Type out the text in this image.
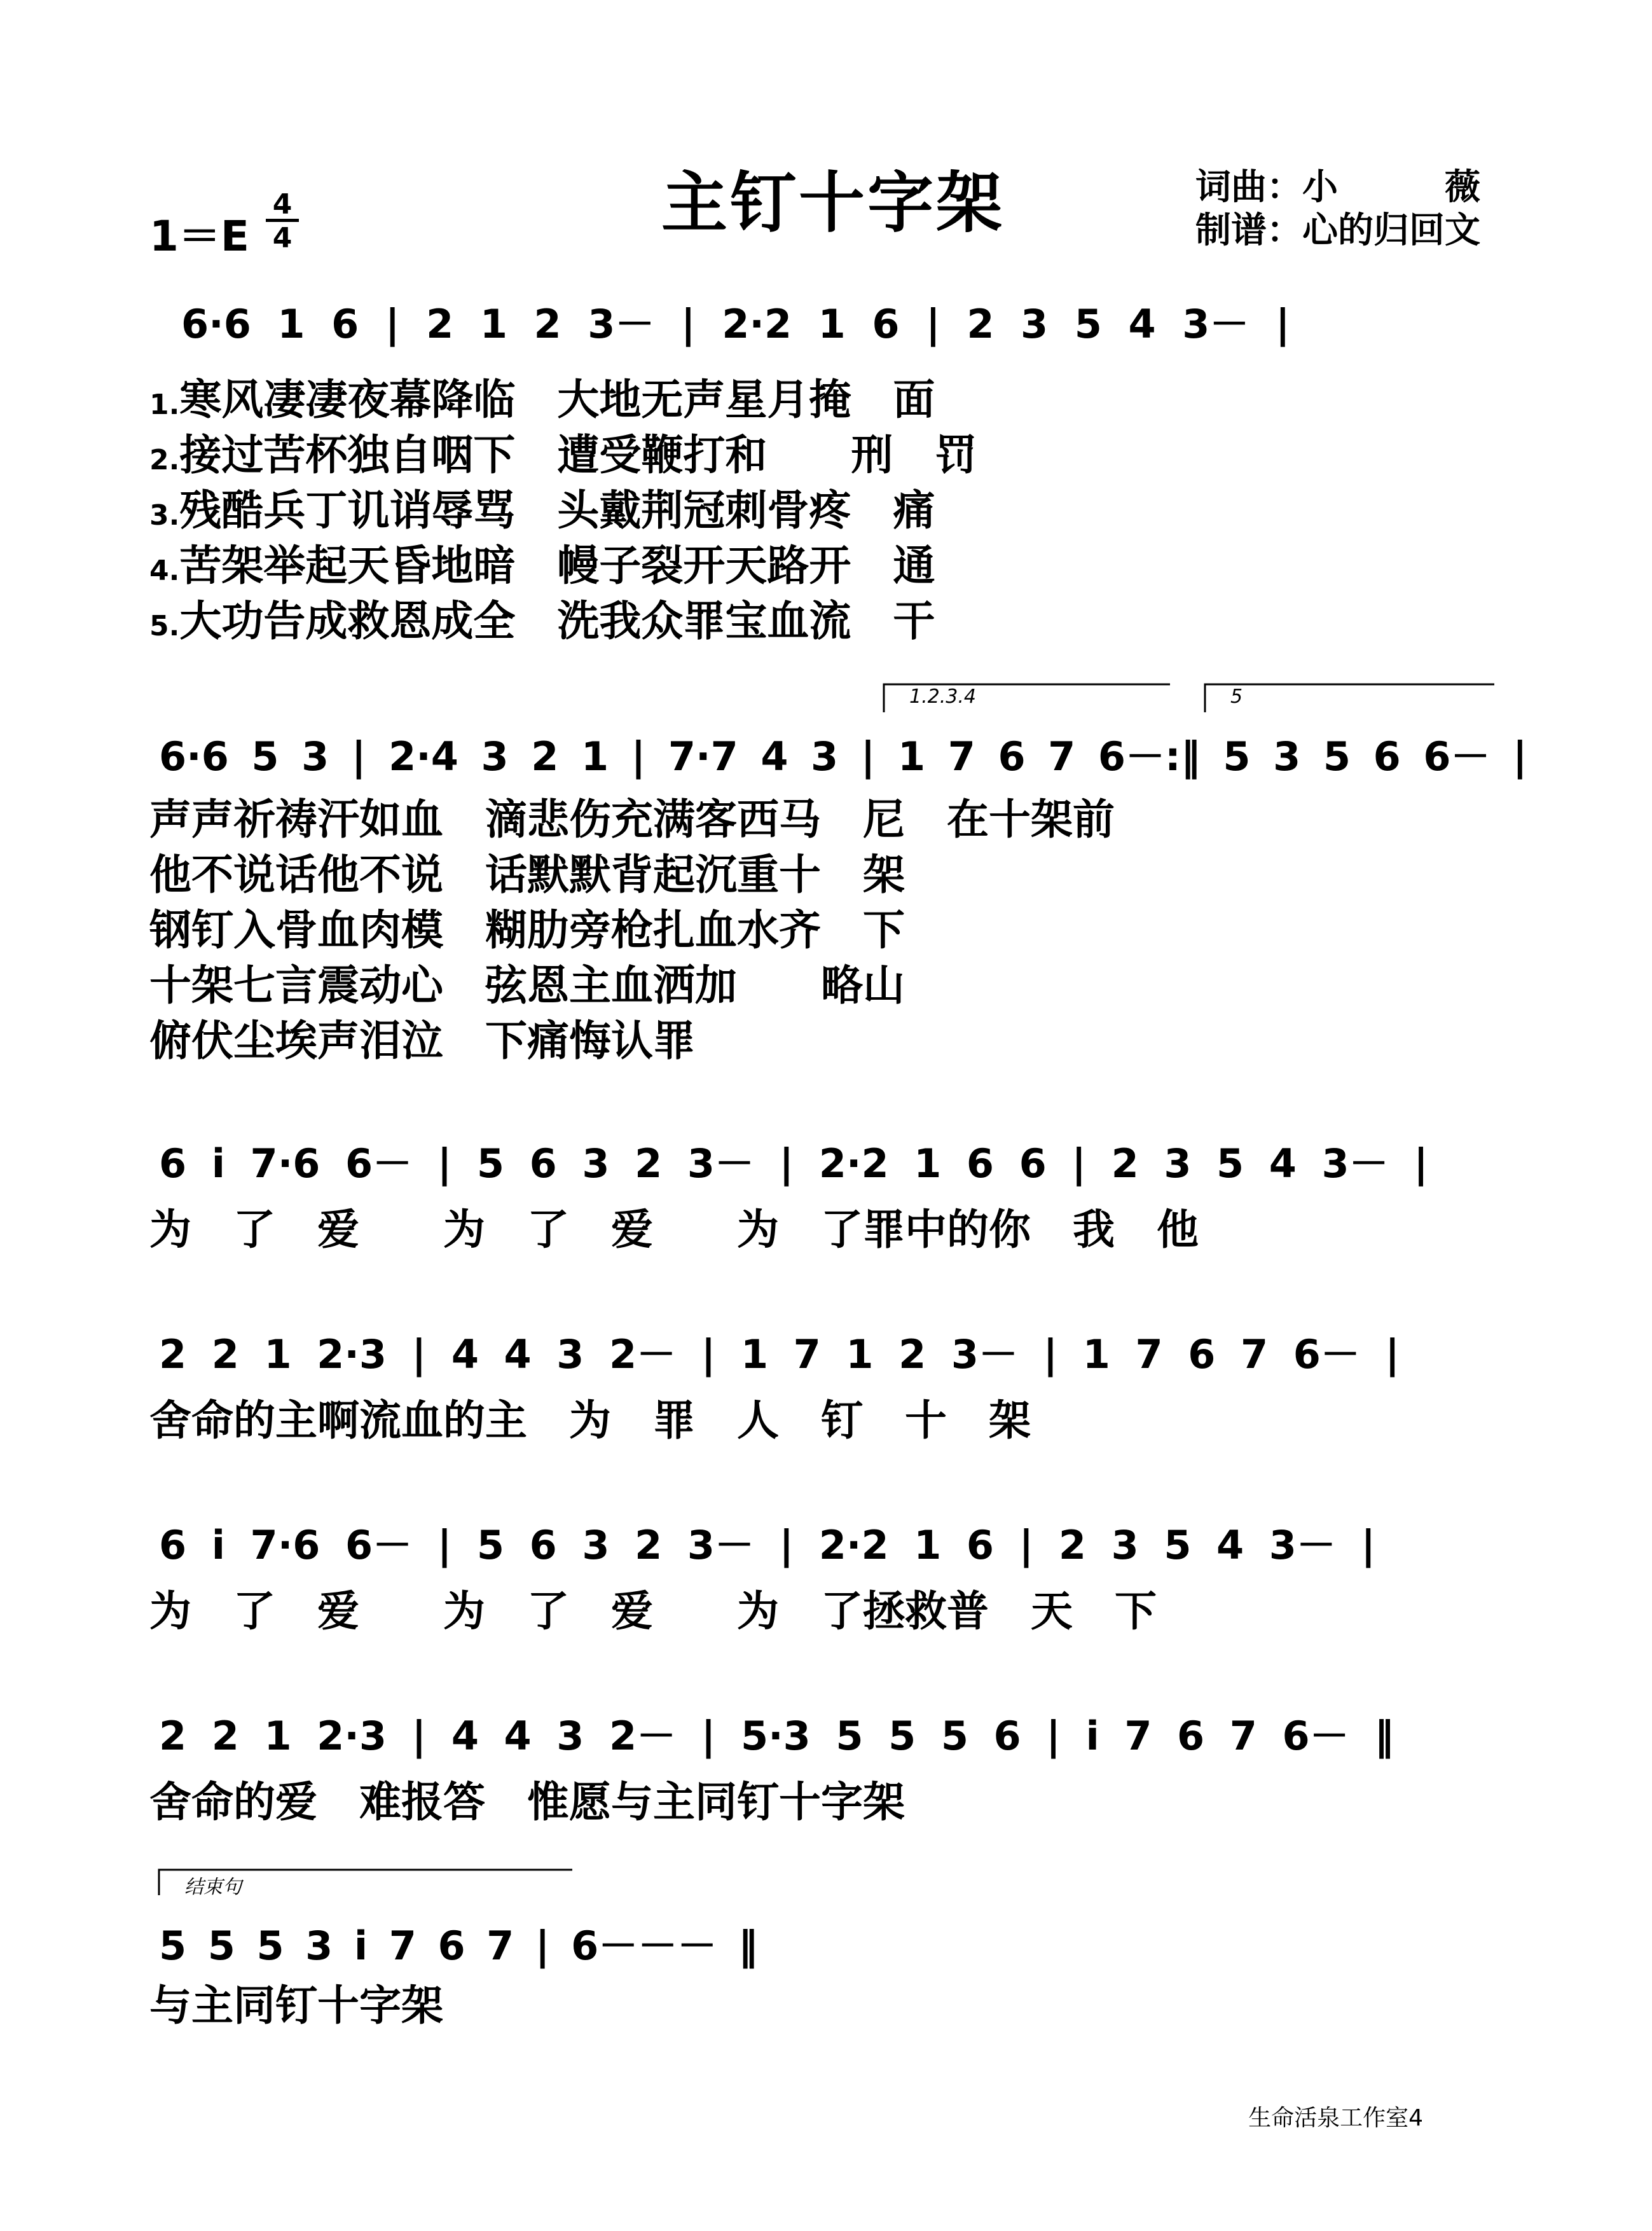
主钉十字架
$1=E \frac{4}{4}$
词曲：小　　　薇
制谱：心的归回文
6·6 1 6 | 2 1 2 3－ | 2·2 1 6 | 2 3 5 4 3－ |
1.寒风凄凄夜幕降临　大地无声星月掩　面
2.接过苦杯独自咽下　遭受鞭打和　　刑　罚
3.残酷兵丁讥诮辱骂　头戴荆冠刺骨疼　痛
4.苦架举起天昏地暗　幔子裂开天路开　通
5.大功告成救恩成全　洗我众罪宝血流　干
1.2.3.4	5
6·6 5 3 | 2·4 3 2 1 | 7·7 4 3 | 1 7 6 7 6－:‖ 5 3 5 6 6－ |
声声祈祷汗如血　滴悲伤充满客西马　尼　在十架前
他不说话他不说　话默默背起沉重十　架
钢钉入骨血肉模　糊肋旁枪扎血水齐　下
十架七言震动心　弦恩主血洒加　　略山
俯伏尘埃声泪泣　下痛悔认罪
6 i 7·6 6－ | 5 6 3 2 3－ | 2·2 1 6 6 | 2 3 5 4 3－ |
为　了　爱　　为　了　爱　　为　了罪中的你　我　他
2 2 1 2·3 | 4 4 3 2－ | 1 7 1 2 3－ | 1 7 6 7 6－ |
舍命的主啊流血的主　为　罪　人　钉　十　架
6 i 7·6 6－ | 5 6 3 2 3－ | 2·2 1 6 | 2 3 5 4 3－ |
为　了　爱　　为　了　爱　　为　了拯救普　天　下
2 2 1 2·3 | 4 4 3 2－ | 5·3 5 5 5 6 | i 7 6 7 6－ ‖
舍命的爱　难报答　惟愿与主同钉十字架
结束句
5 5 5 3 i 7 6 7 | 6－－－ ‖
与主同钉十字架
生命活泉工作室4
